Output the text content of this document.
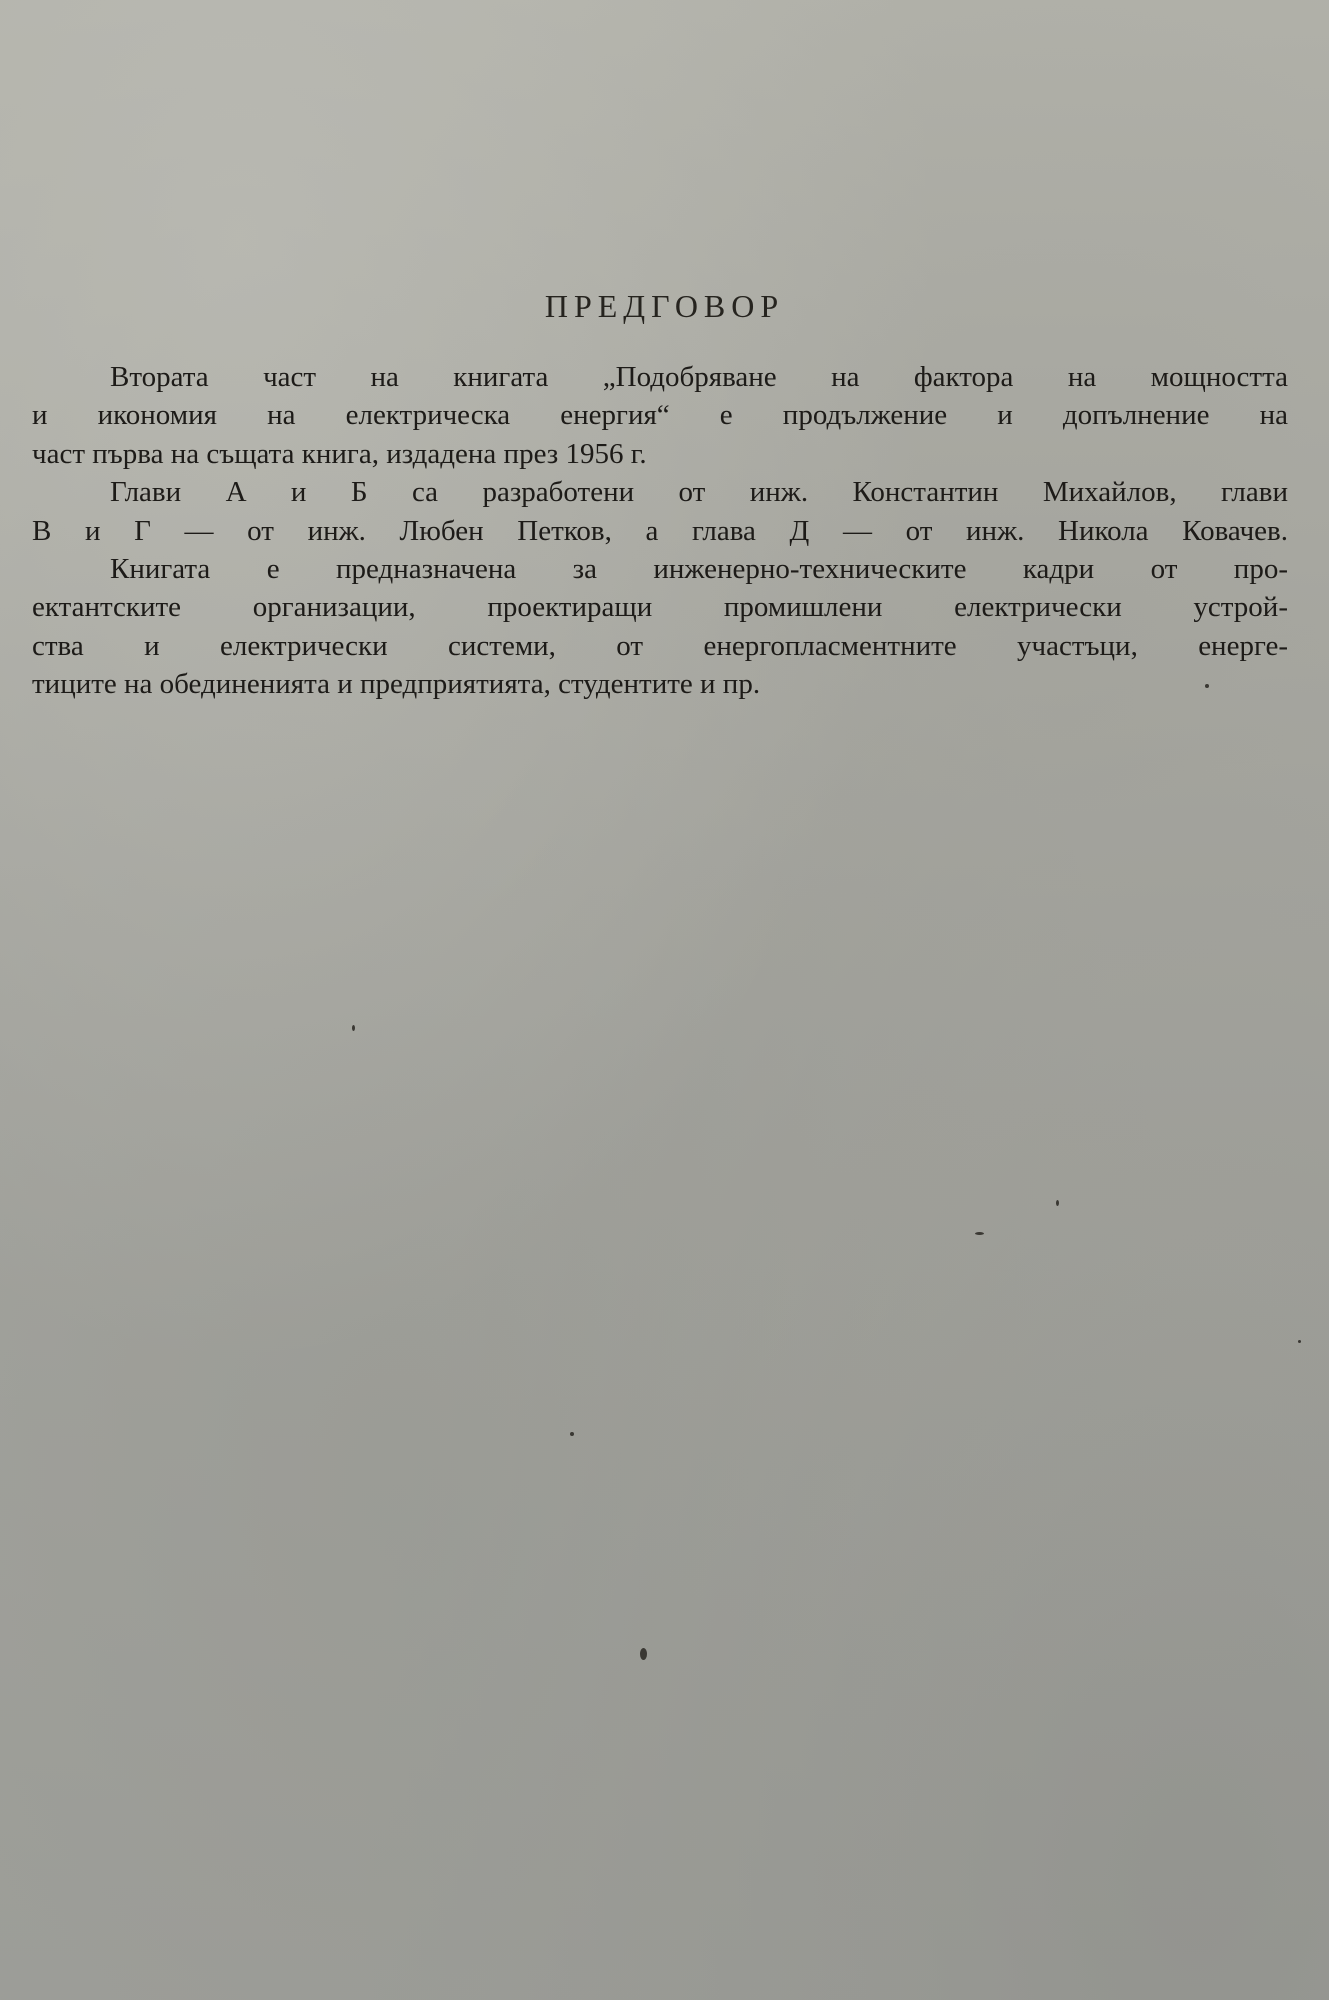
ПРЕДГОВОР
Втората част на книгата „Подобряване на фактора на мощността
и икономия на електрическа енергия“ е продължение и допълнение на
част първа на същата книга, издадена през 1956 г.
Глави А и Б са разработени от инж. Константин Михайлов, глави
В и Г — от инж. Любен Петков, а глава Д — от инж. Никола Ковачев.
Книгата е предназначена за инженерно-техническите кадри от про-
ектантските организации, проектиращи промишлени електрически устрой-
ства и електрически системи, от енергопласментните участъци, енерге-
тиците на обединенията и предприятията, студентите и пр.
